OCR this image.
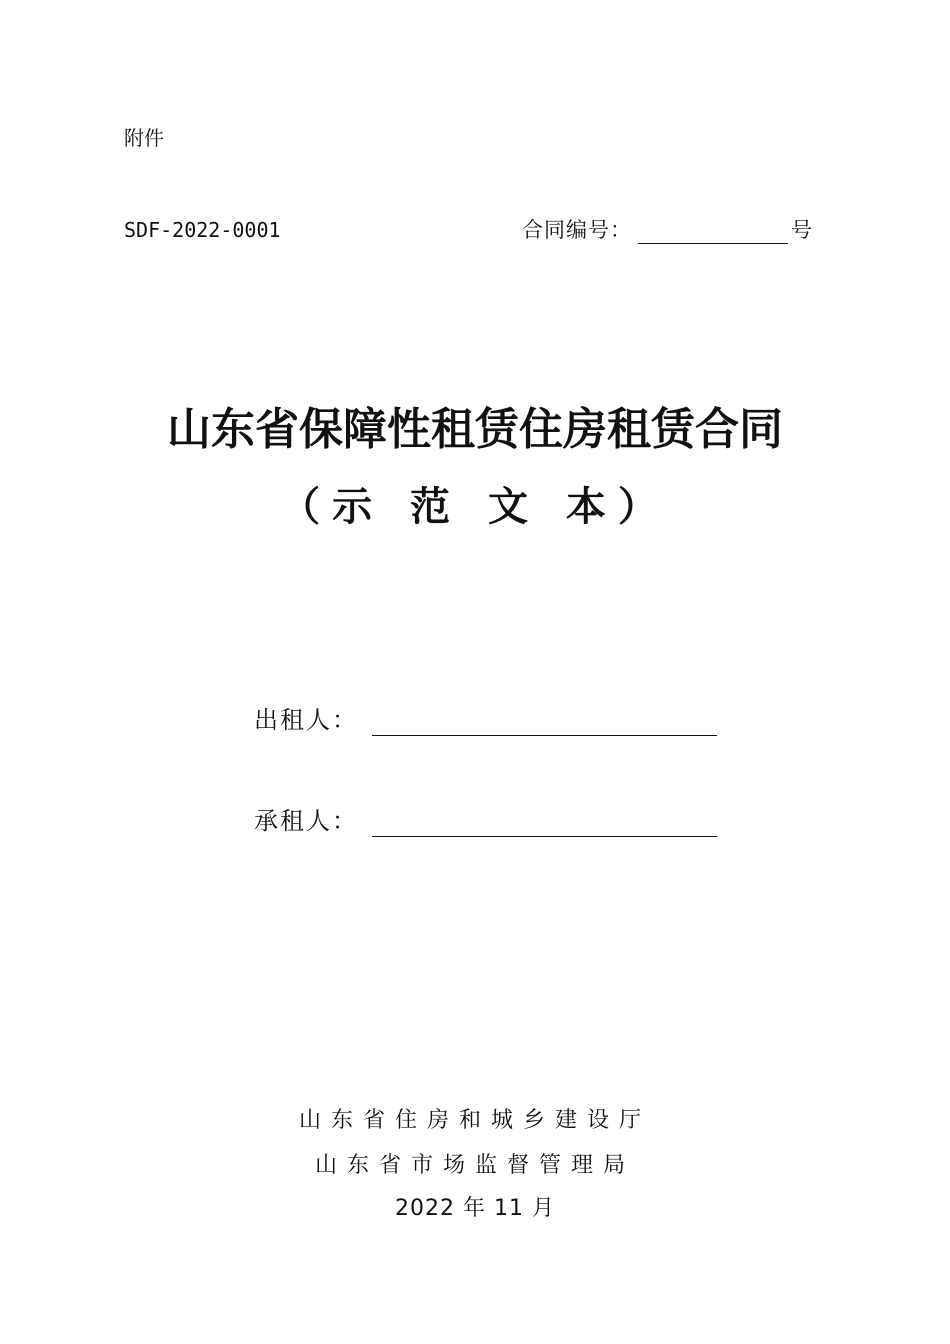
附件
SDF-2022-0001	合同编号：	号
山东省保障性租赁住房租赁合同
（示 范 文 本）
出租人：
承租人：
山东省住房和城乡建设厅
山东省市场监督管理局
2022 年 11 月
